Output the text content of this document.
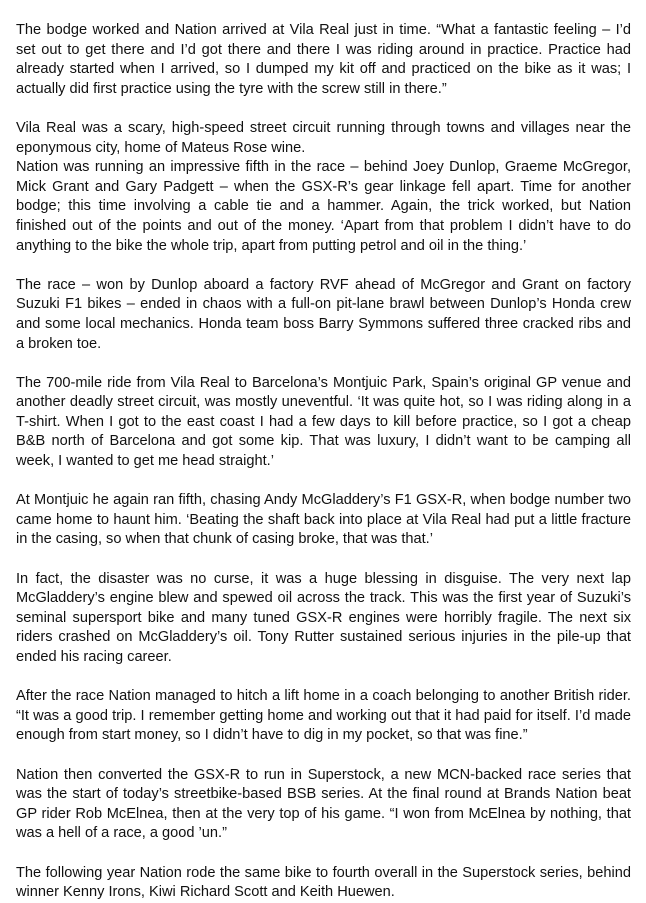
The bodge worked and Nation arrived at Vila Real just in time. “What a fantastic feeling – I’d set out to get there and I’d got there and there I was riding around in practice. Practice had already started when I arrived, so I dumped my kit off and practiced on the bike as it was; I actually did first practice using the tyre with the screw still in there.”

Vila Real was a scary, high-speed street circuit running through towns and villages near the eponymous city, home of Mateus Rose wine.

Nation was running an impressive fifth in the race – behind Joey Dunlop, Graeme McGregor, Mick Grant and Gary Padgett – when the GSX-R’s gear linkage fell apart. Time for another bodge; this time involving a cable tie and a hammer. Again, the trick worked, but Nation finished out of the points and out of the money. ‘Apart from that problem I didn’t have to do anything to the bike the whole trip, apart from putting petrol and oil in the thing.’

The race – won by Dunlop aboard a factory RVF ahead of McGregor and Grant on factory Suzuki F1 bikes – ended in chaos with a full-on pit-lane brawl between Dunlop’s Honda crew and some local mechanics. Honda team boss Barry Symmons suffered three cracked ribs and a broken toe.

The 700-mile ride from Vila Real to Barcelona’s Montjuic Park, Spain’s original GP venue and another deadly street circuit, was mostly uneventful. ‘It was quite hot, so I was riding along in a T-shirt. When I got to the east coast I had a few days to kill before practice, so I got a cheap B&B north of Barcelona and got some kip. That was luxury, I didn’t want to be camping all week, I wanted to get me head straight.’

At Montjuic he again ran fifth, chasing Andy McGladdery’s F1 GSX-R, when bodge number two came home to haunt him. ‘Beating the shaft back into place at Vila Real had put a little fracture in the casing, so when that chunk of casing broke, that was that.’

In fact, the disaster was no curse, it was a huge blessing in disguise. The very next lap McGladdery’s engine blew and spewed oil across the track. This was the first year of Suzuki’s seminal supersport bike and many tuned GSX-R engines were horribly fragile. The next six riders crashed on McGladdery’s oil. Tony Rutter sustained serious injuries in the pile-up that ended his racing career.

After the race Nation managed to hitch a lift home in a coach belonging to another British rider. “It was a good trip. I remember getting home and working out that it had paid for itself. I’d made enough from start money, so I didn’t have to dig in my pocket, so that was fine.”

Nation then converted the GSX-R to run in Superstock, a new MCN-backed race series that was the start of today’s streetbike-based BSB series. At the final round at Brands Nation beat GP rider Rob McElnea, then at the very top of his game. “I won from McElnea by nothing, that was a hell of a race, a good ’un.”

The following year Nation rode the same bike to fourth overall in the Superstock series, behind winner Kenny Irons, Kiwi Richard Scott and Keith Huewen.
